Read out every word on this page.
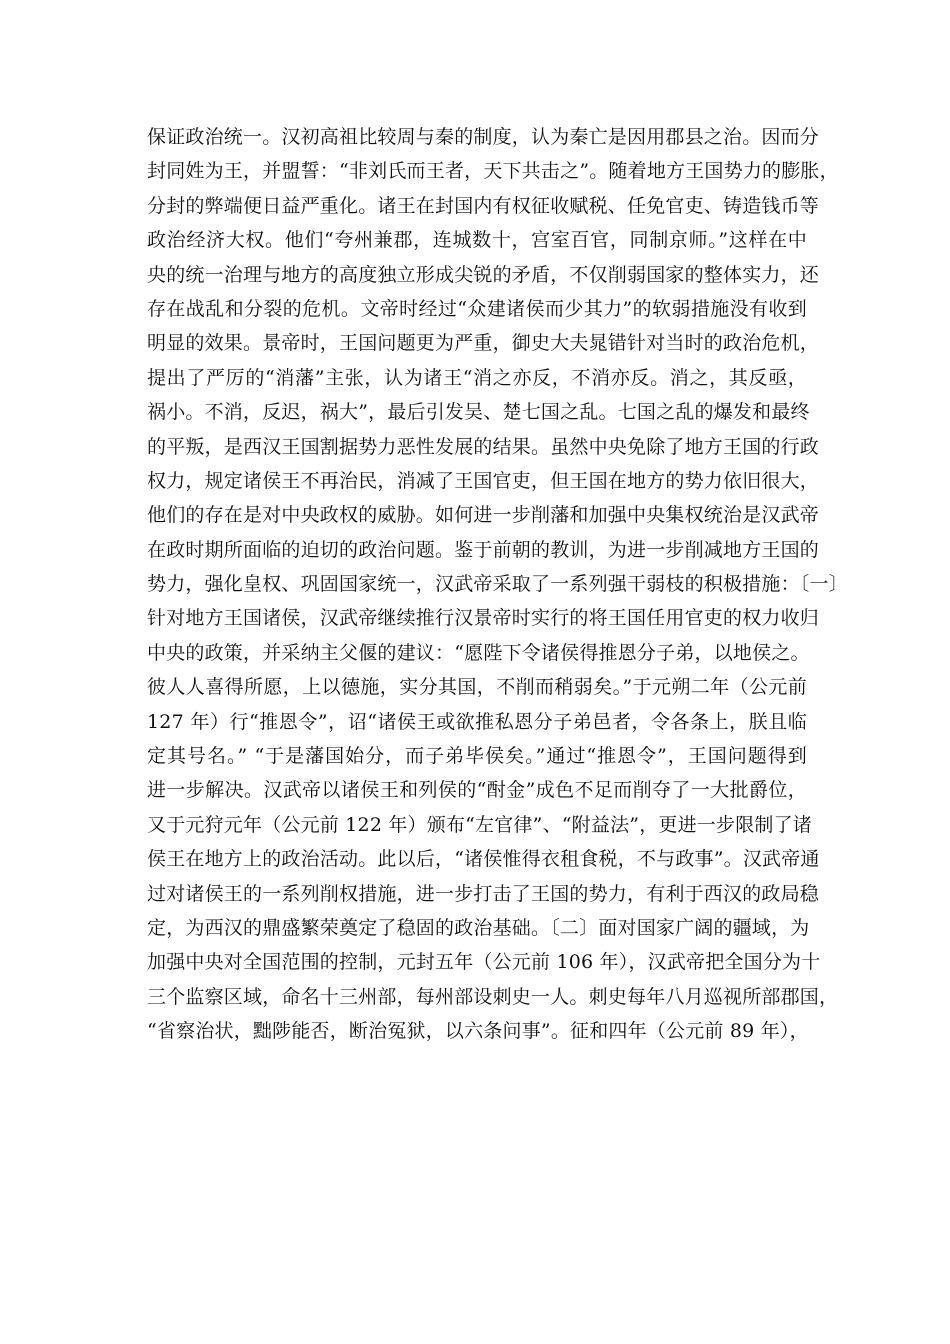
保证政治统一。汉初高祖比较周与秦的制度，认为秦亡是因用郡县之治。因而分
封同姓为王，并盟誓：“非刘氏而王者，天下共击之”。随着地方王国势力的膨胀，
分封的弊端便日益严重化。诸王在封国内有权征收赋税、任免官吏、铸造钱币等
政治经济大权。他们“夸州兼郡，连城数十，宫室百官，同制京师。”这样在中
央的统一治理与地方的高度独立形成尖锐的矛盾，不仅削弱国家的整体实力，还
存在战乱和分裂的危机。文帝时经过“众建诸侯而少其力”的软弱措施没有收到
明显的效果。景帝时，王国问题更为严重，御史大夫晁错针对当时的政治危机，
提出了严厉的“消藩”主张，认为诸王“消之亦反，不消亦反。消之，其反亟，
祸小。不消，反迟，祸大”，最后引发吴、楚七国之乱。七国之乱的爆发和最终
的平叛，是西汉王国割据势力恶性发展的结果。虽然中央免除了地方王国的行政
权力，规定诸侯王不再治民，消减了王国官吏，但王国在地方的势力依旧很大，
他们的存在是对中央政权的威胁。如何进一步削藩和加强中央集权统治是汉武帝
在政时期所面临的迫切的政治问题。鉴于前朝的教训，为进一步削减地方王国的
势力，强化皇权、巩固国家统一，汉武帝采取了一系列强干弱枝的积极措施：〔一〕
针对地方王国诸侯，汉武帝继续推行汉景帝时实行的将王国任用官吏的权力收归
中央的政策，并采纳主父偃的建议：“愿陛下令诸侯得推恩分子弟，以地侯之。
彼人人喜得所愿，上以德施，实分其国，不削而稍弱矣。”于元朔二年（公元前
127 年）行“推恩令”，诏“诸侯王或欲推私恩分子弟邑者，令各条上，朕且临
定其号名。” “于是藩国始分，而子弟毕侯矣。”通过“推恩令”，王国问题得到
进一步解决。汉武帝以诸侯王和列侯的“酎金”成色不足而削夺了一大批爵位，
又于元狩元年（公元前 122 年）颁布“左官律”、“附益法”，更进一步限制了诸
侯王在地方上的政治活动。此以后，“诸侯惟得衣租食税，不与政事”。汉武帝通
过对诸侯王的一系列削权措施，进一步打击了王国的势力，有利于西汉的政局稳
定，为西汉的鼎盛繁荣奠定了稳固的政治基础。〔二〕面对国家广阔的疆域，为
加强中央对全国范围的控制，元封五年（公元前 106 年），汉武帝把全国分为十
三个监察区域，命名十三州部，每州部设刺史一人。刺史每年八月巡视所部郡国，
“省察治状，黜陟能否，断治冤狱，以六条问事”。征和四年（公元前 89 年），
